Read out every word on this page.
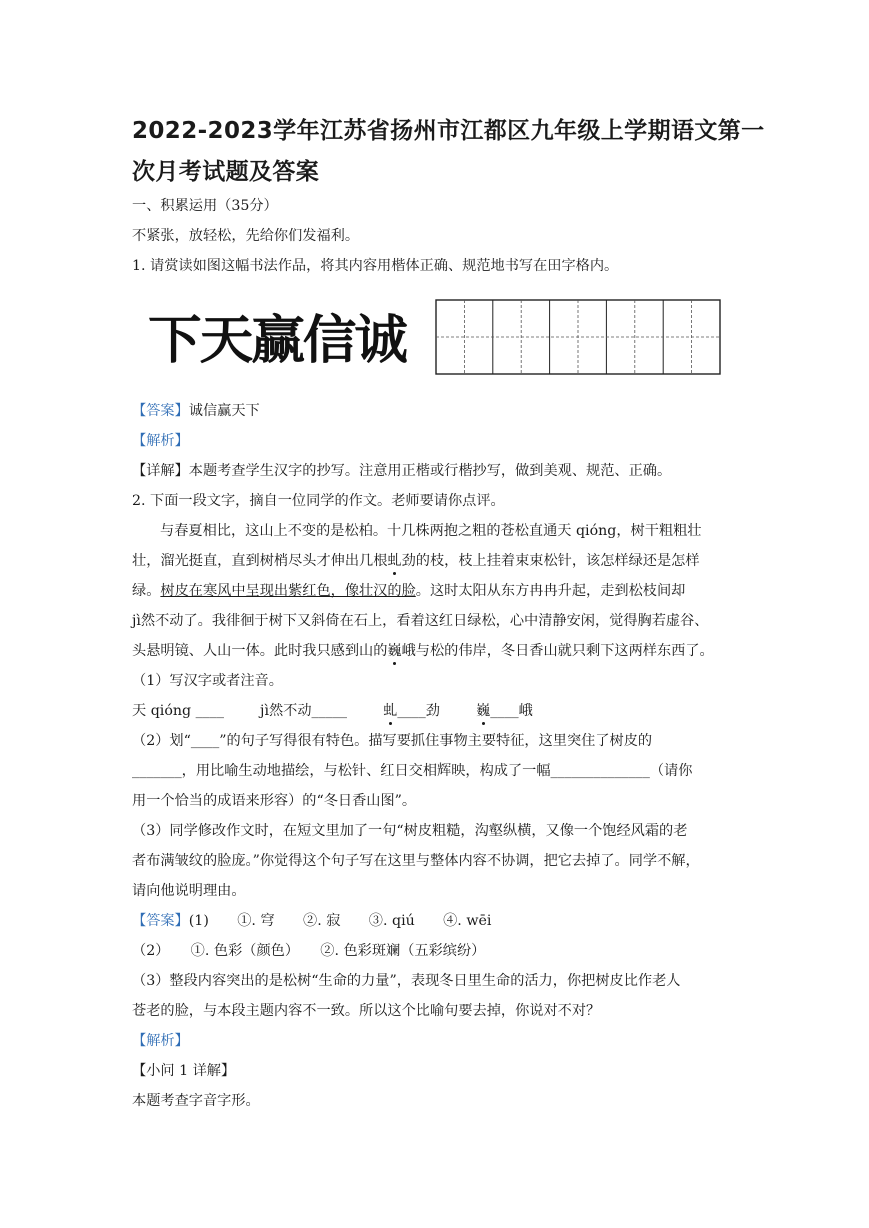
2022-2023学年江苏省扬州市江都区九年级上学期语文第一
次月考试题及答案
一、积累运用（35分）
不紧张，放轻松，先给你们发福利。
1. 请赏读如图这幅书法作品，将其内容用楷体正确、规范地书写在田字格内。
下天赢信诚
【答案】诚信赢天下
【解析】
【详解】本题考查学生汉字的抄写。注意用正楷或行楷抄写，做到美观、规范、正确。
2. 下面一段文字，摘自一位同学的作文。老师要请你点评。
与春夏相比，这山上不变的是松柏。十几株两抱之粗的苍松直通天 qióng，树干粗粗壮
壮，溜光挺直，直到树梢尽头才伸出几根虬劲的枝，枝上挂着束束松针，该怎样绿还是怎样
绿。树皮在寒风中呈现出紫红色，像壮汉的脸。这时太阳从东方冉冉升起，走到松枝间却
jì然不动了。我徘徊于树下又斜倚在石上，看着这红日绿松，心中清静安闲，觉得胸若虚谷、
头悬明镜、人山一体。此时我只感到山的巍峨与松的伟岸，冬日香山就只剩下这两样东西了。
（1）写汉字或者注音。
天 qióng ____        jì然不动_____        虬____劲	巍____峨
（2）划“____”的句子写得很有特色。描写要抓住事物主要特征，这里突住了树皮的
_______，用比喻生动地描绘，与松针、红日交相辉映，构成了一幅______________（请你
用一个恰当的成语来形容）的“冬日香山图”。
（3）同学修改作文时，在短文里加了一句“树皮粗糙，沟壑纵横，又像一个饱经风霜的老
者布满皱纹的脸庞。”你觉得这个句子写在这里与整体内容不协调，把它去掉了。同学不解，
请向他说明理由。
【答案】(1)　　①. 穹　　②. 寂　　③. qiú　　④. wēi
（2）　　①. 色彩（颜色）　　②. 色彩斑斓（五彩缤纷）
（3）整段内容突出的是松树“生命的力量”，表现冬日里生命的活力，你把树皮比作老人
苍老的脸，与本段主题内容不一致。所以这个比喻句要去掉，你说对不对？
【解析】
【小问 1 详解】
本题考查字音字形。
